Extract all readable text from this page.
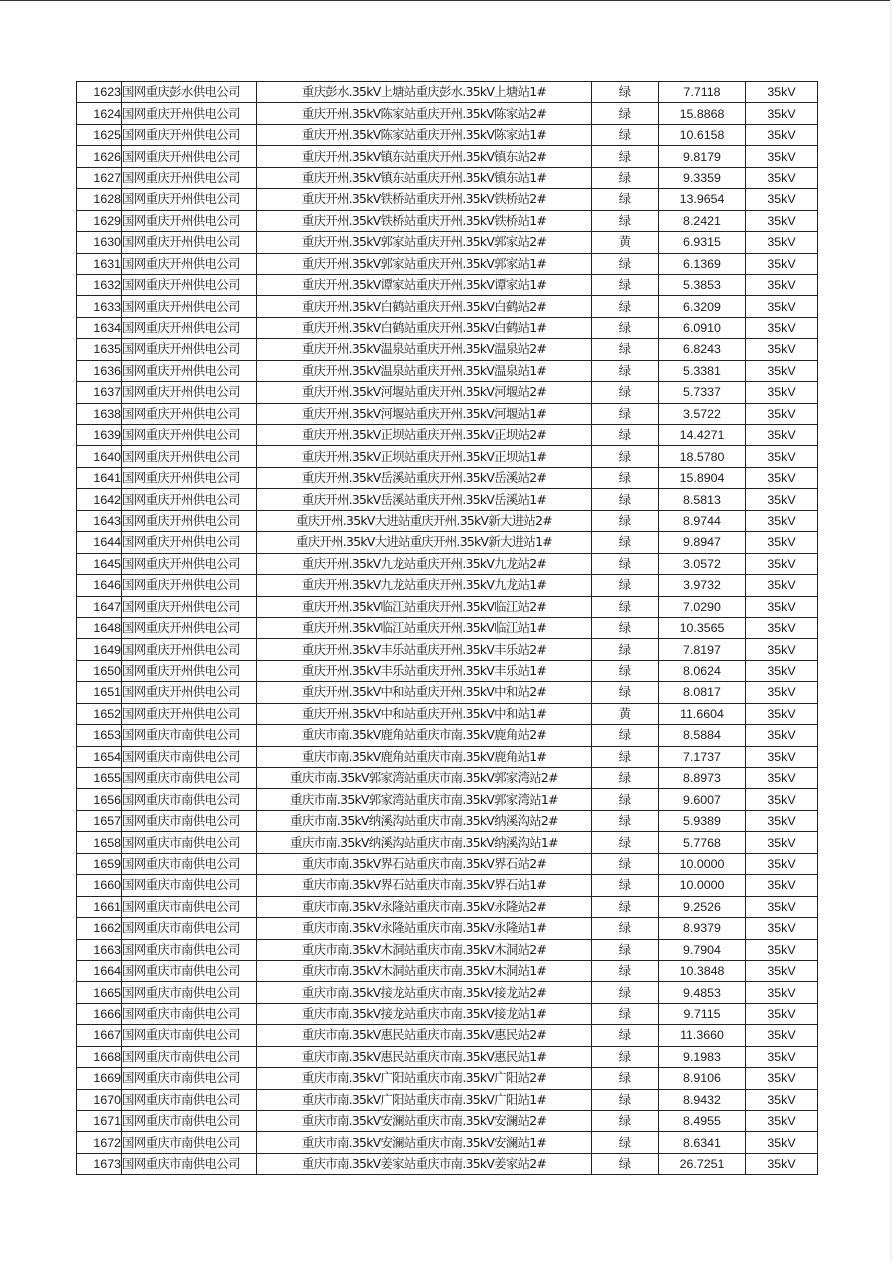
1623	国网重庆彭水供电公司	重庆彭水.35kV上塘站重庆彭水.35kV上塘站1#	绿	7.7118	35kV
1624	国网重庆开州供电公司	重庆开州.35kV陈家站重庆开州.35kV陈家站2#	绿	15.8868	35kV
1625	国网重庆开州供电公司	重庆开州.35kV陈家站重庆开州.35kV陈家站1#	绿	10.6158	35kV
1626	国网重庆开州供电公司	重庆开州.35kV镇东站重庆开州.35kV镇东站2#	绿	9.8179	35kV
1627	国网重庆开州供电公司	重庆开州.35kV镇东站重庆开州.35kV镇东站1#	绿	9.3359	35kV
1628	国网重庆开州供电公司	重庆开州.35kV铁桥站重庆开州.35kV铁桥站2#	绿	13.9654	35kV
1629	国网重庆开州供电公司	重庆开州.35kV铁桥站重庆开州.35kV铁桥站1#	绿	8.2421	35kV
1630	国网重庆开州供电公司	重庆开州.35kV郭家站重庆开州.35kV郭家站2#	黄	6.9315	35kV
1631	国网重庆开州供电公司	重庆开州.35kV郭家站重庆开州.35kV郭家站1#	绿	6.1369	35kV
1632	国网重庆开州供电公司	重庆开州.35kV谭家站重庆开州.35kV谭家站1#	绿	5.3853	35kV
1633	国网重庆开州供电公司	重庆开州.35kV白鹤站重庆开州.35kV白鹤站2#	绿	6.3209	35kV
1634	国网重庆开州供电公司	重庆开州.35kV白鹤站重庆开州.35kV白鹤站1#	绿	6.0910	35kV
1635	国网重庆开州供电公司	重庆开州.35kV温泉站重庆开州.35kV温泉站2#	绿	6.8243	35kV
1636	国网重庆开州供电公司	重庆开州.35kV温泉站重庆开州.35kV温泉站1#	绿	5.3381	35kV
1637	国网重庆开州供电公司	重庆开州.35kV河堰站重庆开州.35kV河堰站2#	绿	5.7337	35kV
1638	国网重庆开州供电公司	重庆开州.35kV河堰站重庆开州.35kV河堰站1#	绿	3.5722	35kV
1639	国网重庆开州供电公司	重庆开州.35kV正坝站重庆开州.35kV正坝站2#	绿	14.4271	35kV
1640	国网重庆开州供电公司	重庆开州.35kV正坝站重庆开州.35kV正坝站1#	绿	18.5780	35kV
1641	国网重庆开州供电公司	重庆开州.35kV岳溪站重庆开州.35kV岳溪站2#	绿	15.8904	35kV
1642	国网重庆开州供电公司	重庆开州.35kV岳溪站重庆开州.35kV岳溪站1#	绿	8.5813	35kV
1643	国网重庆开州供电公司	重庆开州.35kV大进站重庆开州.35kV新大进站2#	绿	8.9744	35kV
1644	国网重庆开州供电公司	重庆开州.35kV大进站重庆开州.35kV新大进站1#	绿	9.8947	35kV
1645	国网重庆开州供电公司	重庆开州.35kV九龙站重庆开州.35kV九龙站2#	绿	3.0572	35kV
1646	国网重庆开州供电公司	重庆开州.35kV九龙站重庆开州.35kV九龙站1#	绿	3.9732	35kV
1647	国网重庆开州供电公司	重庆开州.35kV临江站重庆开州.35kV临江站2#	绿	7.0290	35kV
1648	国网重庆开州供电公司	重庆开州.35kV临江站重庆开州.35kV临江站1#	绿	10.3565	35kV
1649	国网重庆开州供电公司	重庆开州.35kV丰乐站重庆开州.35kV丰乐站2#	绿	7.8197	35kV
1650	国网重庆开州供电公司	重庆开州.35kV丰乐站重庆开州.35kV丰乐站1#	绿	8.0624	35kV
1651	国网重庆开州供电公司	重庆开州.35kV中和站重庆开州.35kV中和站2#	绿	8.0817	35kV
1652	国网重庆开州供电公司	重庆开州.35kV中和站重庆开州.35kV中和站1#	黄	11.6604	35kV
1653	国网重庆市南供电公司	重庆市南.35kV鹿角站重庆市南.35kV鹿角站2#	绿	8.5884	35kV
1654	国网重庆市南供电公司	重庆市南.35kV鹿角站重庆市南.35kV鹿角站1#	绿	7.1737	35kV
1655	国网重庆市南供电公司	重庆市南.35kV郭家湾站重庆市南.35kV郭家湾站2#	绿	8.8973	35kV
1656	国网重庆市南供电公司	重庆市南.35kV郭家湾站重庆市南.35kV郭家湾站1#	绿	9.6007	35kV
1657	国网重庆市南供电公司	重庆市南.35kV纳溪沟站重庆市南.35kV纳溪沟站2#	绿	5.9389	35kV
1658	国网重庆市南供电公司	重庆市南.35kV纳溪沟站重庆市南.35kV纳溪沟站1#	绿	5.7768	35kV
1659	国网重庆市南供电公司	重庆市南.35kV界石站重庆市南.35kV界石站2#	绿	10.0000	35kV
1660	国网重庆市南供电公司	重庆市南.35kV界石站重庆市南.35kV界石站1#	绿	10.0000	35kV
1661	国网重庆市南供电公司	重庆市南.35kV永隆站重庆市南.35kV永隆站2#	绿	9.2526	35kV
1662	国网重庆市南供电公司	重庆市南.35kV永隆站重庆市南.35kV永隆站1#	绿	8.9379	35kV
1663	国网重庆市南供电公司	重庆市南.35kV木洞站重庆市南.35kV木洞站2#	绿	9.7904	35kV
1664	国网重庆市南供电公司	重庆市南.35kV木洞站重庆市南.35kV木洞站1#	绿	10.3848	35kV
1665	国网重庆市南供电公司	重庆市南.35kV接龙站重庆市南.35kV接龙站2#	绿	9.4853	35kV
1666	国网重庆市南供电公司	重庆市南.35kV接龙站重庆市南.35kV接龙站1#	绿	9.7115	35kV
1667	国网重庆市南供电公司	重庆市南.35kV惠民站重庆市南.35kV惠民站2#	绿	11.3660	35kV
1668	国网重庆市南供电公司	重庆市南.35kV惠民站重庆市南.35kV惠民站1#	绿	9.1983	35kV
1669	国网重庆市南供电公司	重庆市南.35kV广阳站重庆市南.35kV广阳站2#	绿	8.9106	35kV
1670	国网重庆市南供电公司	重庆市南.35kV广阳站重庆市南.35kV广阳站1#	绿	8.9432	35kV
1671	国网重庆市南供电公司	重庆市南.35kV安澜站重庆市南.35kV安澜站2#	绿	8.4955	35kV
1672	国网重庆市南供电公司	重庆市南.35kV安澜站重庆市南.35kV安澜站1#	绿	8.6341	35kV
1673	国网重庆市南供电公司	重庆市南.35kV姜家站重庆市南.35kV姜家站2#	绿	26.7251	35kV
